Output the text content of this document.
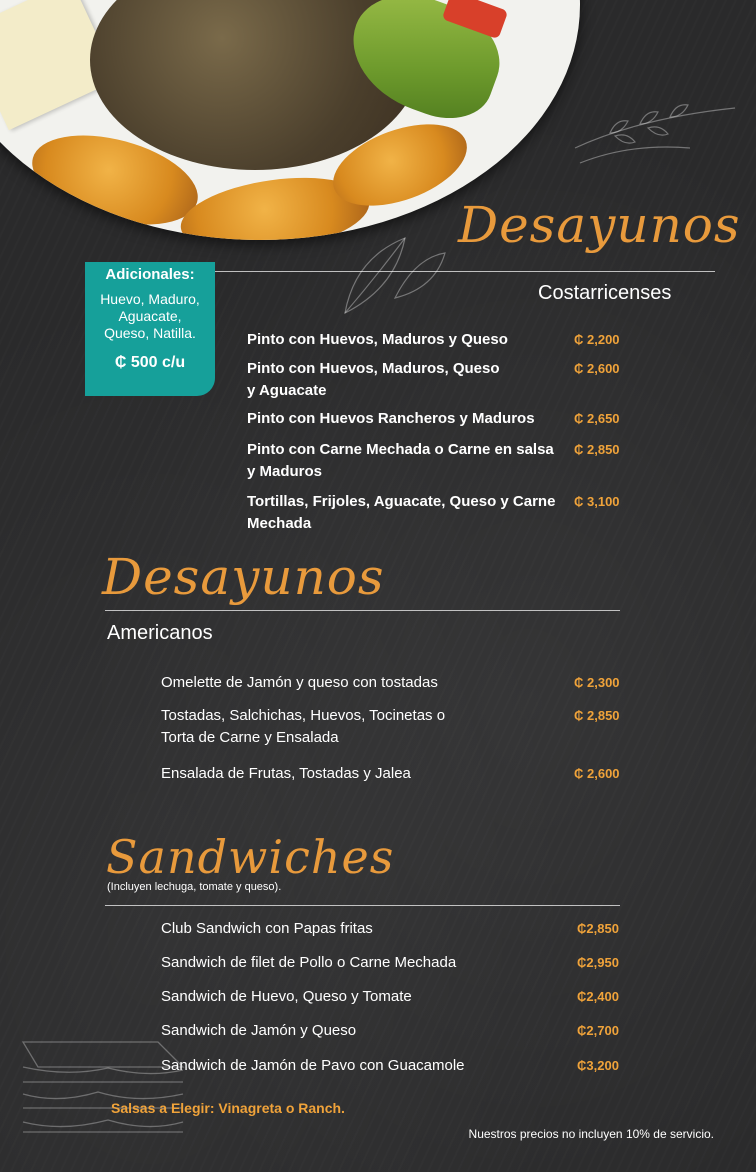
Desayunos
Costarricenses
Adicionales:
Huevo, Maduro,
Aguacate,
Queso, Natilla.
₵ 500 c/u
Pinto con Huevos, Maduros y Queso	₵ 2,200
Pinto con Huevos, Maduros, Queso
y Aguacate
₵ 2,600
Pinto con Huevos Rancheros y Maduros	₵ 2,650
Pinto con Carne Mechada o Carne en salsa
y Maduros
₵ 2,850
Tortillas, Frijoles, Aguacate, Queso y Carne
Mechada
₵ 3,100
Desayunos
Americanos
Omelette de Jamón y queso con tostadas	₵ 2,300
Tostadas, Salchichas, Huevos, Tocinetas o
Torta de Carne y Ensalada
₵ 2,850
Ensalada de Frutas, Tostadas y Jalea	₵ 2,600
Sandwiches
(Incluyen lechuga, tomate y queso).
Club Sandwich con Papas fritas	₵2,850
Sandwich de filet de Pollo o Carne Mechada	₵2,950
Sandwich de Huevo, Queso y Tomate	₵2,400
Sandwich de Jamón y Queso	₵2,700
Sandwich de Jamón de Pavo con Guacamole	₵3,200
Salsas a Elegir: Vinagreta o Ranch.
Nuestros precios no incluyen 10% de servicio.
